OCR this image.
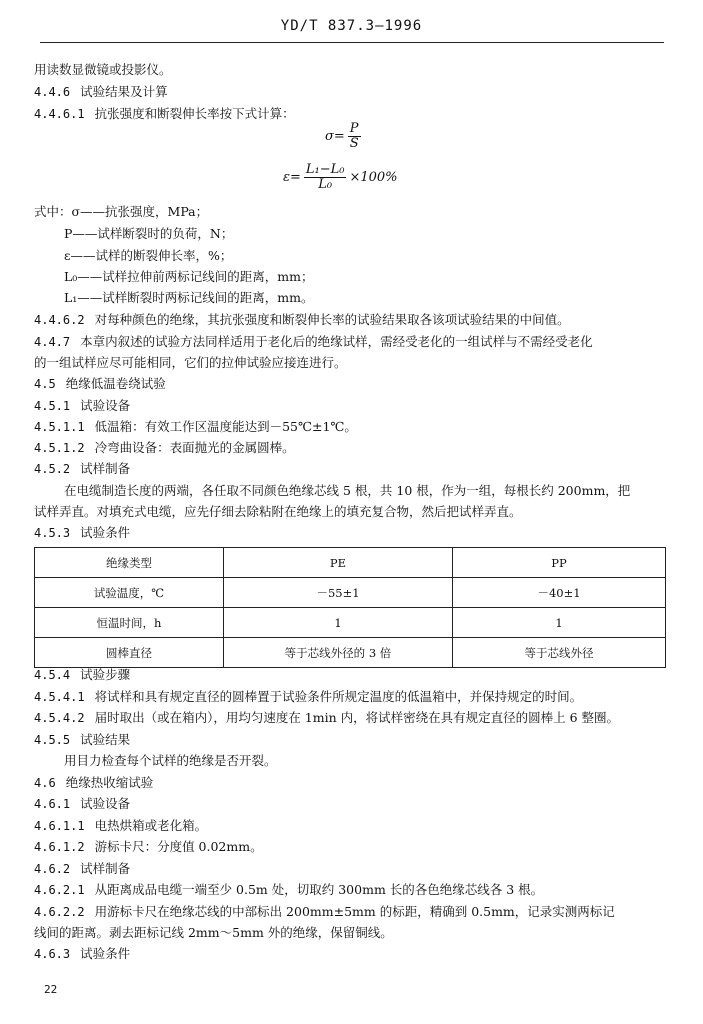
YD/T 837.3—1996
用读数显微镜或投影仪。
4.4.6 试验结果及计算
4.4.6.1 抗张强度和断裂伸长率按下式计算：
$\sigma= \frac{P}{S}$
$\varepsilon= \frac{\text{L₁−L₀}}{\text{L₀}} \times 100\%$
式中：σ——抗张强度，MPa；
P——试样断裂时的负荷，N；
ε——试样的断裂伸长率，%；
L₀——试样拉伸前两标记线间的距离，mm；
L₁——试样断裂时两标记线间的距离，mm。
4.4.6.2 对每种颜色的绝缘，其抗张强度和断裂伸长率的试验结果取各该项试验结果的中间值。
4.4.7 本章内叙述的试验方法同样适用于老化后的绝缘试样，需经受老化的一组试样与不需经受老化
的一组试样应尽可能相同，它们的拉伸试验应接连进行。
4.5 绝缘低温卷绕试验
4.5.1 试验设备
4.5.1.1 低温箱：有效工作区温度能达到－55℃±1℃。
4.5.1.2 冷弯曲设备：表面抛光的金属圆棒。
4.5.2 试样制备
在电缆制造长度的两端，各任取不同颜色绝缘芯线 5 根，共 10 根，作为一组，每根长约 200mm，把
试样弄直。对填充式电缆，应先仔细去除粘附在绝缘上的填充复合物，然后把试样弄直。
4.5.3 试验条件
绝缘类型	PE	PP
试验温度，℃	－55±1	－40±1
恒温时间，h	1	1
圆棒直径	等于芯线外径的 3 倍	等于芯线外径
4.5.4 试验步骤
4.5.4.1 将试样和具有规定直径的圆棒置于试验条件所规定温度的低温箱中，并保持规定的时间。
4.5.4.2 届时取出（或在箱内），用均匀速度在 1min 内，将试样密绕在具有规定直径的圆棒上 6 整圈。
4.5.5 试验结果
用目力检查每个试样的绝缘是否开裂。
4.6 绝缘热收缩试验
4.6.1 试验设备
4.6.1.1 电热烘箱或老化箱。
4.6.1.2 游标卡尺：分度值 0.02mm。
4.6.2 试样制备
4.6.2.1 从距离成品电缆一端至少 0.5m 处，切取约 300mm 长的各色绝缘芯线各 3 根。
4.6.2.2 用游标卡尺在绝缘芯线的中部标出 200mm±5mm 的标距，精确到 0.5mm，记录实测两标记
线间的距离。剥去距标记线 2mm～5mm 外的绝缘，保留铜线。
4.6.3 试验条件
22
